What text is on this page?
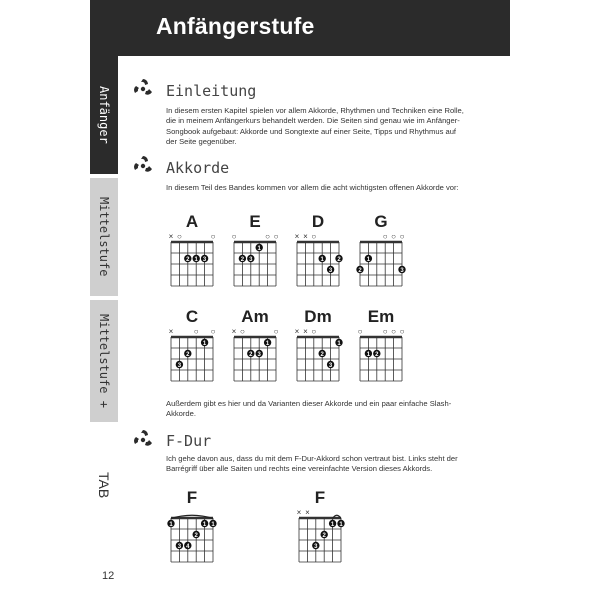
Anfängerstufe
Anfänger
Mittelstufe
Mittelstufe +
TAB
12
Einleitung
In diesem ersten Kapitel spielen vor allem Akkorde, Rhythmen und Techniken eine Rolle, die in meinem Anfängerkurs behandelt werden. Die Seiten sind genau wie im Anfänger-Songbook aufgebaut: Akkorde und Songtexte auf einer Seite, Tipps und Rhythmus auf der Seite gegenüber.
Akkorde
In diesem Teil des Bandes kommen vor allem die acht wichtigsten offenen Akkorde vor:
A
× ○	○
2 1 3
E
○	○ ○
2 3
1
D
× × ○
1
3
2
G
○ ○ ○
2
1
3
C
×	○ ○
3
2
1
Am
× ○	○
2 3
1
Dm
× × ○
2
3
1
Em
○	○ ○ ○
1 2
Außerdem gibt es hier und da Varianten dieser Akkorde und ein paar einfache Slash-Akkorde.
F-Dur
Ich gehe davon aus, dass du mit dem F-Dur-Akkord schon vertraut bist. Links steht der Barrégriff über alle Saiten und rechts eine vereinfachte Version dieses Akkords.
F
1
3 4
2
1 1
F
× ×
3
2
1 1
